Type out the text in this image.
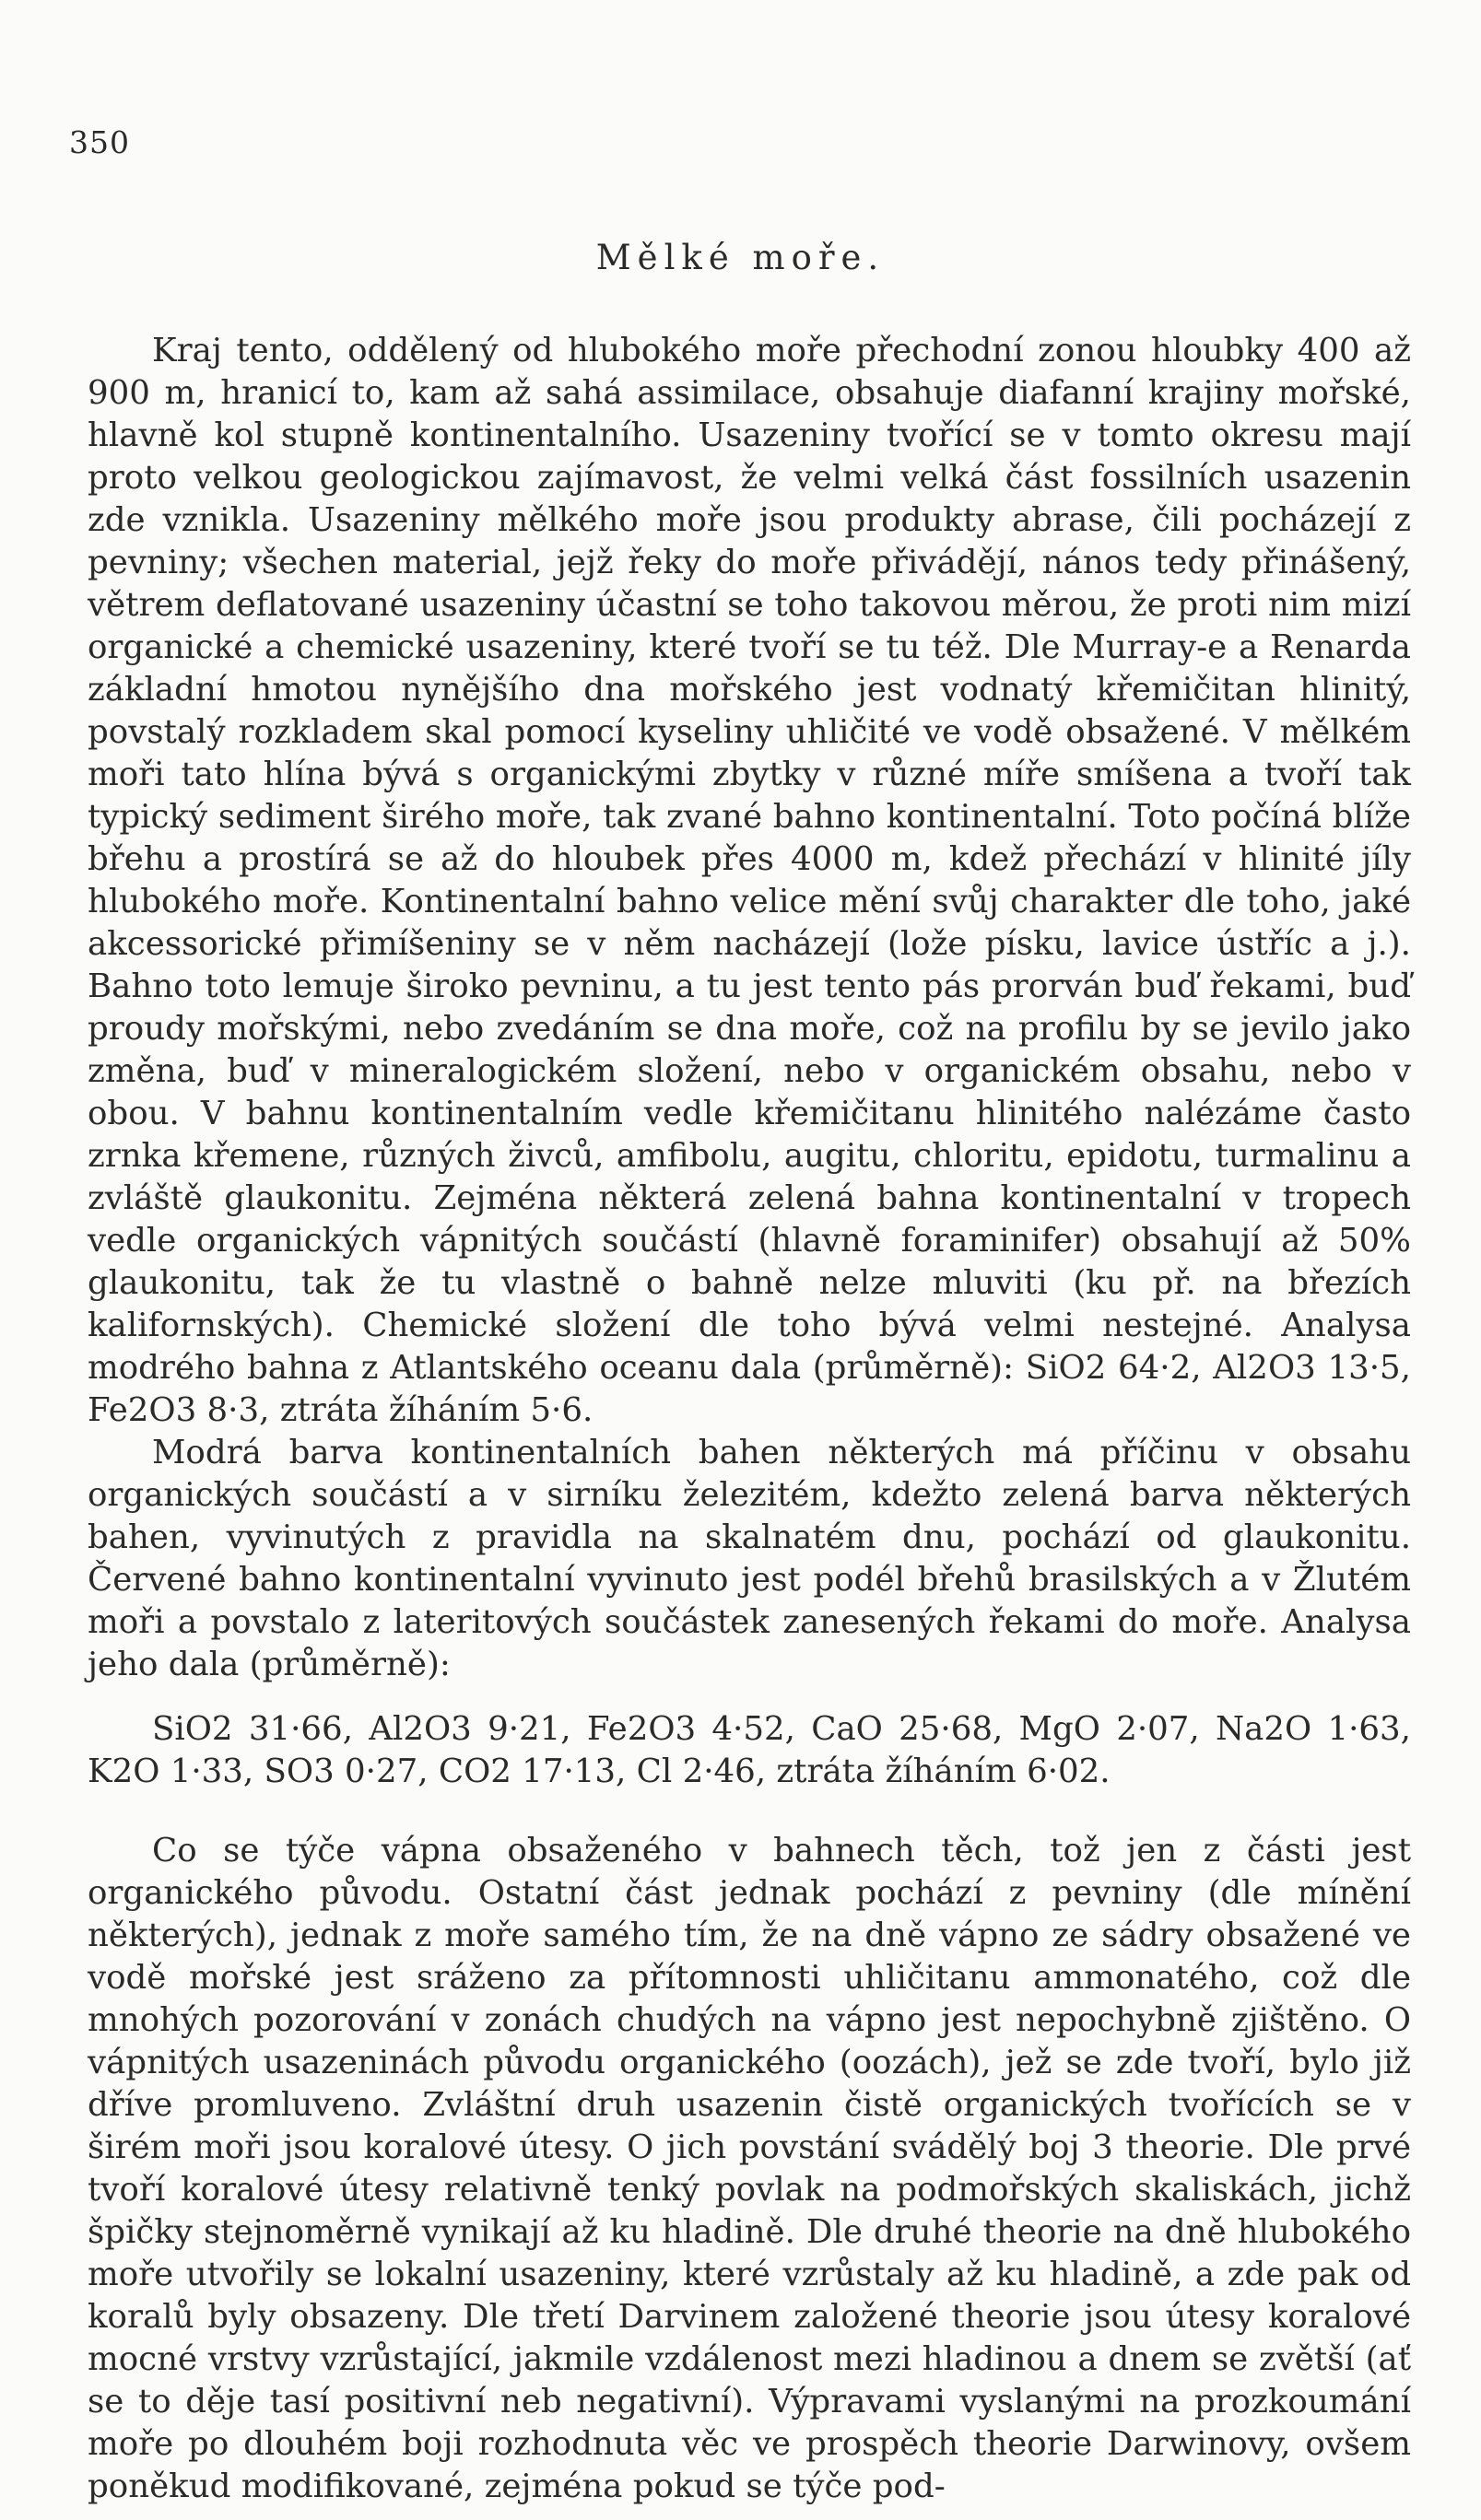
350
Mělké moře.

Kraj tento, oddělený od hlubokého moře přechodní zonou hloubky 400 až 900 m, hranicí to, kam až sahá assimilace, obsahuje diafanní krajiny mořské, hlavně kol stupně kontinentalního. Usazeniny tvořící se v tomto okresu mají proto velkou geologickou zajímavost, že velmi velká část fossilních usazenin zde vznikla. Usazeniny mělkého moře jsou produkty abrase, čili pocházejí z pevniny; všechen material, jejž řeky do moře přivádějí, nános tedy přinášený, větrem deflatované usazeniny účastní se toho takovou měrou, že proti nim mizí organické a chemické usazeniny, které tvoří se tu též. Dle Murray-e a Renarda základní hmotou nynějšího dna mořského jest vodnatý křemičitan hlinitý, povstalý rozkladem skal pomocí kyseliny uhličité ve vodě obsažené. V mělkém moři tato hlína bývá s organickými zbytky v různé míře smíšena a tvoří tak typický sediment širého moře, tak zvané bahno kontinentalní. Toto počíná blíže břehu a prostírá se až do hloubek přes 4000 m, kdež přechází v hlinité jíly hlubokého moře. Kontinentalní bahno velice mění svůj charakter dle toho, jaké akcessorické přimíšeniny se v něm nacházejí (lože písku, lavice ústříc a j.). Bahno toto lemuje široko pevninu, a tu jest tento pás prorván buď řekami, buď proudy mořskými, nebo zvedáním se dna moře, což na profilu by se jevilo jako změna, buď v mineralogickém složení, nebo v organickém obsahu, nebo v obou. V bahnu kontinentalním vedle křemičitanu hlinitého nalézáme často zrnka křemene, různých živců, amfibolu, augitu, chloritu, epidotu, turmalinu a zvláště glaukonitu. Zejména některá zelená bahna kontinentalní v tropech vedle organických vápnitých součástí (hlavně foraminifer) obsahují až 50% glaukonitu, tak že tu vlastně o bahně nelze mluviti (ku př. na březích kalifornských). Chemické složení dle toho bývá velmi nestejné. Analysa modrého bahna z Atlantského oceanu dala (průměrně): SiO2 64·2, Al2O3 13·5, Fe2O3 8·3, ztráta žíháním 5·6.

Modrá barva kontinentalních bahen některých má příčinu v obsahu organických součástí a v sirníku železitém, kdežto zelená barva některých bahen, vyvinutých z pravidla na skalnatém dnu, pochází od glaukonitu. Červené bahno kontinentalní vyvinuto jest podél břehů brasilských a v Žlutém moři a povstalo z lateritových součástek zanesených řekami do moře. Analysa jeho dala (průměrně):

SiO2 31·66, Al2O3 9·21, Fe2O3 4·52, CaO 25·68, MgO 2·07, Na2O 1·63, K2O 1·33, SO3 0·27, CO2 17·13, Cl 2·46, ztráta žíháním 6·02.

Co se týče vápna obsaženého v bahnech těch, tož jen z části jest organického původu. Ostatní část jednak pochází z pevniny (dle mínění některých), jednak z moře samého tím, že na dně vápno ze sádry obsažené ve vodě mořské jest sráženo za přítomnosti uhličitanu ammonatého, což dle mnohých pozorování v zonách chudých na vápno jest nepochybně zjištěno. O vápnitých usazeninách původu organického (oozách), jež se zde tvoří, bylo již dříve promluveno. Zvláštní druh usazenin čistě organických tvořících se v širém moři jsou koralové útesy. O jich povstání svádělý boj 3 theorie. Dle prvé tvoří koralové útesy relativně tenký povlak na podmořských skaliskách, jichž špičky stejnoměrně vynikají až ku hladině. Dle druhé theorie na dně hlubokého moře utvořily se lokalní usazeniny, které vzrůstaly až ku hladině, a zde pak od koralů byly obsazeny. Dle třetí Darvinem založené theorie jsou útesy koralové mocné vrstvy vzrůstající, jakmile vzdálenost mezi hladinou a dnem se zvětší (ať se to děje tasí positivní neb negativní). Výpravami vyslanými na prozkoumání moře po dlouhém boji rozhodnuta věc ve prospěch theorie Darwinovy, ovšem poněkud modifikované, zejména pokud se týče pod-
